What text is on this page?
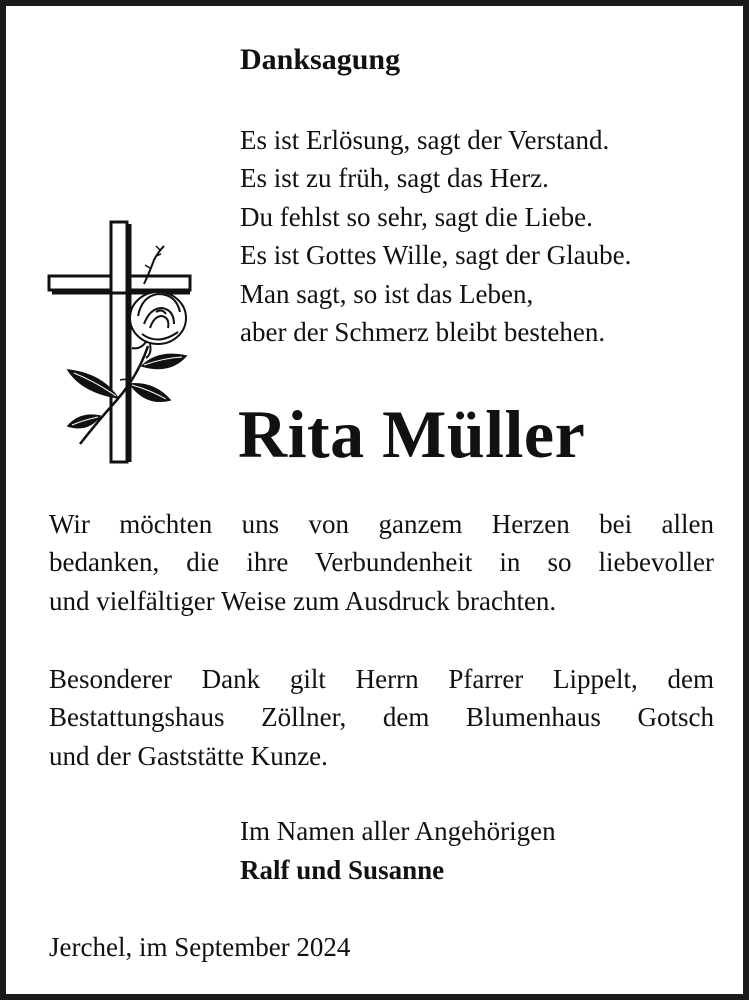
Danksagung
Es ist Erlösung, sagt der Verstand.
Es ist zu früh, sagt das Herz.
Du fehlst so sehr, sagt die Liebe.
Es ist Gottes Wille, sagt der Glaube.
Man sagt, so ist das Leben,
aber der Schmerz bleibt bestehen.
Rita Müller

Wir möchten uns von ganzem Herzen bei allen
bedanken, die ihre Verbundenheit in so liebevoller
und vielfältiger Weise zum Ausdruck brachten.

Besonderer Dank gilt Herrn Pfarrer Lippelt, dem
Bestattungshaus Zöllner, dem Blumenhaus Gotsch
und der Gaststätte Kunze.

Im Namen aller Angehörigen
Ralf und Susanne
Jerchel, im September 2024
